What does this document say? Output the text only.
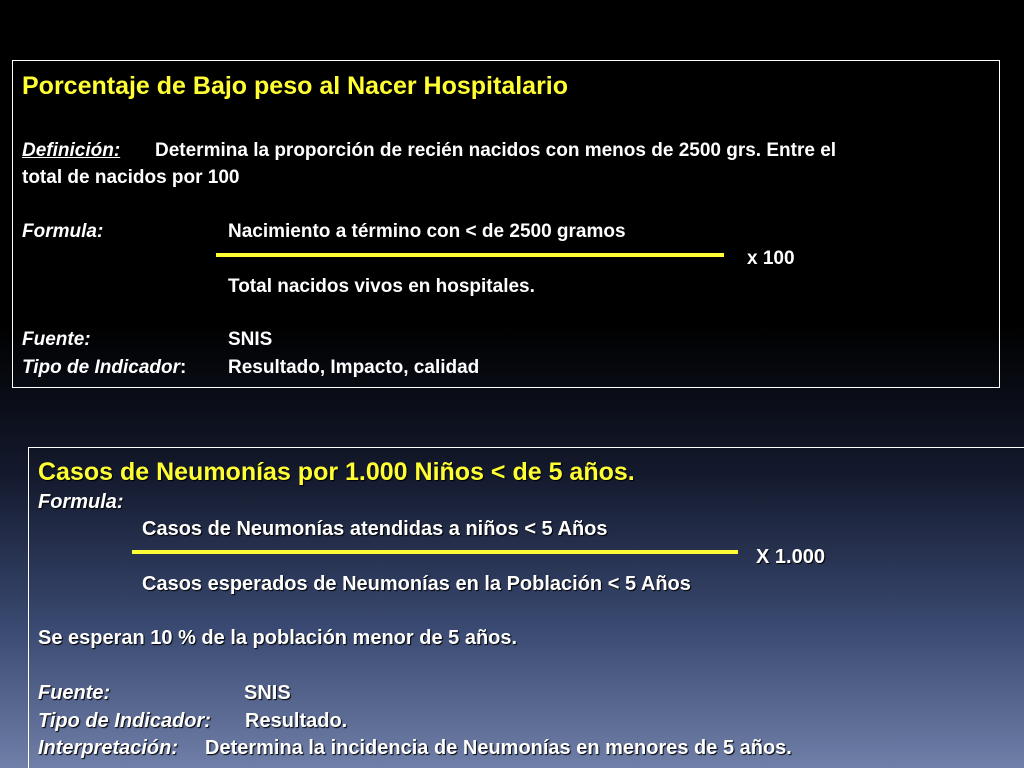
Porcentaje de Bajo peso al Nacer Hospitalario
Definición: Determina la proporción de recién nacidos con menos de 2500 grs. Entre el
total de nacidos por 100
Formula:	Nacimiento a término con < de 2500 gramos
x 100
Total nacidos vivos en hospitales.
Fuente:	SNIS
Tipo de Indicador: Resultado, Impacto, calidad
Casos de Neumonías por 1.000 Niños < de 5 años.
Formula:
Casos de Neumonías atendidas a niños < 5 Años
X 1.000
Casos esperados de Neumonías en la Población < 5 Años
Se esperan 10 % de la población menor de 5 años.
Fuente:	SNIS
Tipo de Indicador: Resultado.
Interpretación: Determina la incidencia de Neumonías en menores de 5 años.
